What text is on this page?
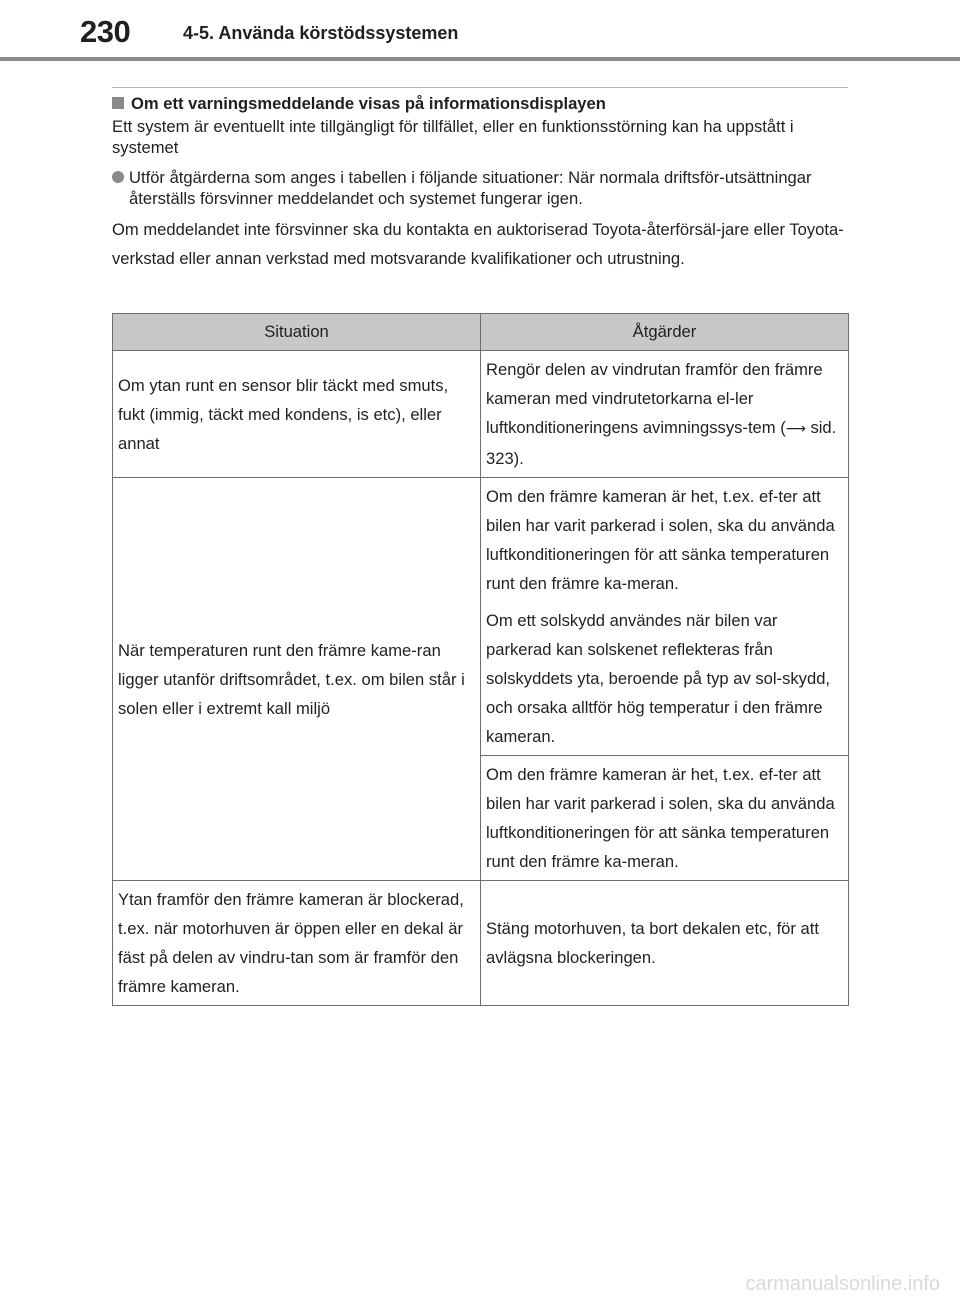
230	4-5. Använda körstödssystemen

Om ett varningsmeddelande visas på informationsdisplayen

Ett system är eventuellt inte tillgängligt för tillfället, eller en funktionsstörning kan ha uppstått i systemet

Utför åtgärderna som anges i tabellen i följande situationer: När normala driftsför-utsättningar återställs försvinner meddelandet och systemet fungerar igen.

Om meddelandet inte försvinner ska du kontakta en auktoriserad Toyota-återförsäl-jare eller Toyota-verkstad eller annan verkstad med motsvarande kvalifikationer och utrustning.

Situation	Åtgärder
Om ytan runt en sensor blir täckt med smuts, fukt (immig, täckt med kondens, is etc), eller annat	Rengör delen av vindrutan framför den främre kameran med vindrutetorkarna el-ler luftkonditioneringens avimningssys-tem (⟶ sid. 323).
När temperaturen runt den främre kame-ran ligger utanför driftsområdet, t.ex. om bilen står i solen eller i extremt kall miljö	Om den främre kameran är het, t.ex. ef-ter att bilen har varit parkerad i solen, ska du använda luftkonditioneringen för att sänka temperaturen runt den främre ka-meran.

Om ett solskydd användes när bilen var parkerad kan solskenet reflekteras från solskyddets yta, beroende på typ av sol-skydd, och orsaka alltför hög temperatur i den främre kameran.

	Om den främre kameran är het, t.ex. ef-ter att bilen har varit parkerad i solen, ska du använda luftkonditioneringen för att sänka temperaturen runt den främre ka-meran.
Ytan framför den främre kameran är blockerad, t.ex. när motorhuven är öppen eller en dekal är fäst på delen av vindru-tan som är framför den främre kameran.	Stäng motorhuven, ta bort dekalen etc, för att avlägsna blockeringen.
carmanualsonline.info
